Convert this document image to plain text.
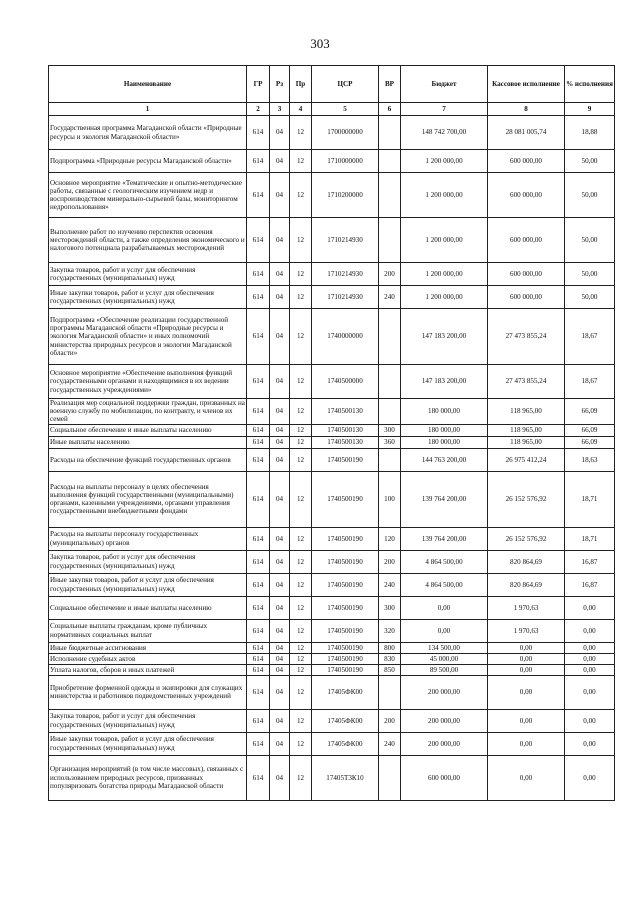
303
Наименование	ГР	Рз	Пр	ЦСР	ВР	Бюджет	Кассовое исполнение	% исполнения
1	2	3	4	5	6	7	8	9
Государственная программа Магаданской области «Природные ресурсы и экология Магаданской области»	614	04	12	1700000000		148 742 700,00	28 081 005,74	18,88
Подпрограмма «Природные ресурсы Магаданской области»	614	04	12	1710000000		1 200 000,00	600 000,00	50,00
Основное мероприятие «Тематические и опытно-методические работы, связанные с геологическим изучением недр и воспроизводством минерально-сырьевой базы, мониторингом недропользования»	614	04	12	1710200000		1 200 000,00	600 000,00	50,00
Выполнение работ по изучению перспектив освоения месторождений области, а также определения экономического и налогового потенциала разрабатываемых месторождений	614	04	12	1710214930		1 200 000,00	600 000,00	50,00
Закупка товаров, работ и услуг для обеспечения государственных (муниципальных) нужд	614	04	12	1710214930	200	1 200 000,00	600 000,00	50,00
Иные закупки товаров, работ и услуг для обеспечения государственных (муниципальных) нужд	614	04	12	1710214930	240	1 200 000,00	600 000,00	50,00
Подпрограмма «Обеспечение реализации государственной программы Магаданской области «Природные ресурсы и экология Магаданской области» и иных полномочий министерства природных ресурсов и экологии Магаданской области»	614	04	12	1740000000		147 183 200,00	27 473 855,24	18,67
Основное мероприятие «Обеспечение выполнения функций государственными органами и находящимися в их ведении государственных учреждениями»	614	04	12	1740500000		147 183 200,00	27 473 855,24	18,67
Реализация мер социальной поддержки граждан, призванных на военную службу по мобилизации, по контракту, и членов их семей	614	04	12	1740500130		180 000,00	118 965,00	66,09
Социальное обеспечение и иные выплаты населению	614	04	12	1740500130	300	180 000,00	118 965,00	66,09
Иные выплаты населению	614	04	12	1740500130	360	180 000,00	118 965,00	66,09
Расходы на обеспечение функций государственных органов	614	04	12	1740500190		144 763 200,00	26 975 412,24	18,63
Расходы на выплаты персоналу в целях обеспечения выполнения функций государственными (муниципальными) органами, казенными учреждениями, органами управления государственными внебюджетными фондами	614	04	12	1740500190	100	139 764 200,00	26 152 576,92	18,71
Расходы на выплаты персоналу государственных (муниципальных) органов	614	04	12	1740500190	120	139 764 200,00	26 152 576,92	18,71
Закупка товаров, работ и услуг для обеспечения государственных (муниципальных) нужд	614	04	12	1740500190	200	4 864 500,00	820 864,69	16,87
Иные закупки товаров, работ и услуг для обеспечения государственных (муниципальных) нужд	614	04	12	1740500190	240	4 864 500,00	820 864,69	16,87
Социальное обеспечение и иные выплаты населению	614	04	12	1740500190	300	0,00	1 970,63	0,00
Социальные выплаты гражданам, кроме публичных нормативных социальных выплат	614	04	12	1740500190	320	0,00	1 970,63	0,00
Иные бюджетные ассигнования	614	04	12	1740500190	800	134 500,00	0,00	0,00
Исполнение судебных актов	614	04	12	1740500190	830	45 000,00	0,00	0,00
Уплата налогов, сборов и иных платежей	614	04	12	1740500190	850	89 500,00	0,00	0,00
Приобретение форменной одежды и экипировки для служащих министерства и работников подведомственных учреждений	614	04	12	17405ФК00		200 000,00	0,00	0,00
Закупка товаров, работ и услуг для обеспечения государственных (муниципальных) нужд	614	04	12	17405ФК00	200	200 000,00	0,00	0,00
Иные закупки товаров, работ и услуг для обеспечения государственных (муниципальных) нужд	614	04	12	17405ФК00	240	200 000,00	0,00	0,00
Организация мероприятий (в том числе массовых), связанных с использованием природных ресурсов, призванных популяризовать богатства природы Магаданской области	614	04	12	17405Т3К10		600 000,00	0,00	0,00
